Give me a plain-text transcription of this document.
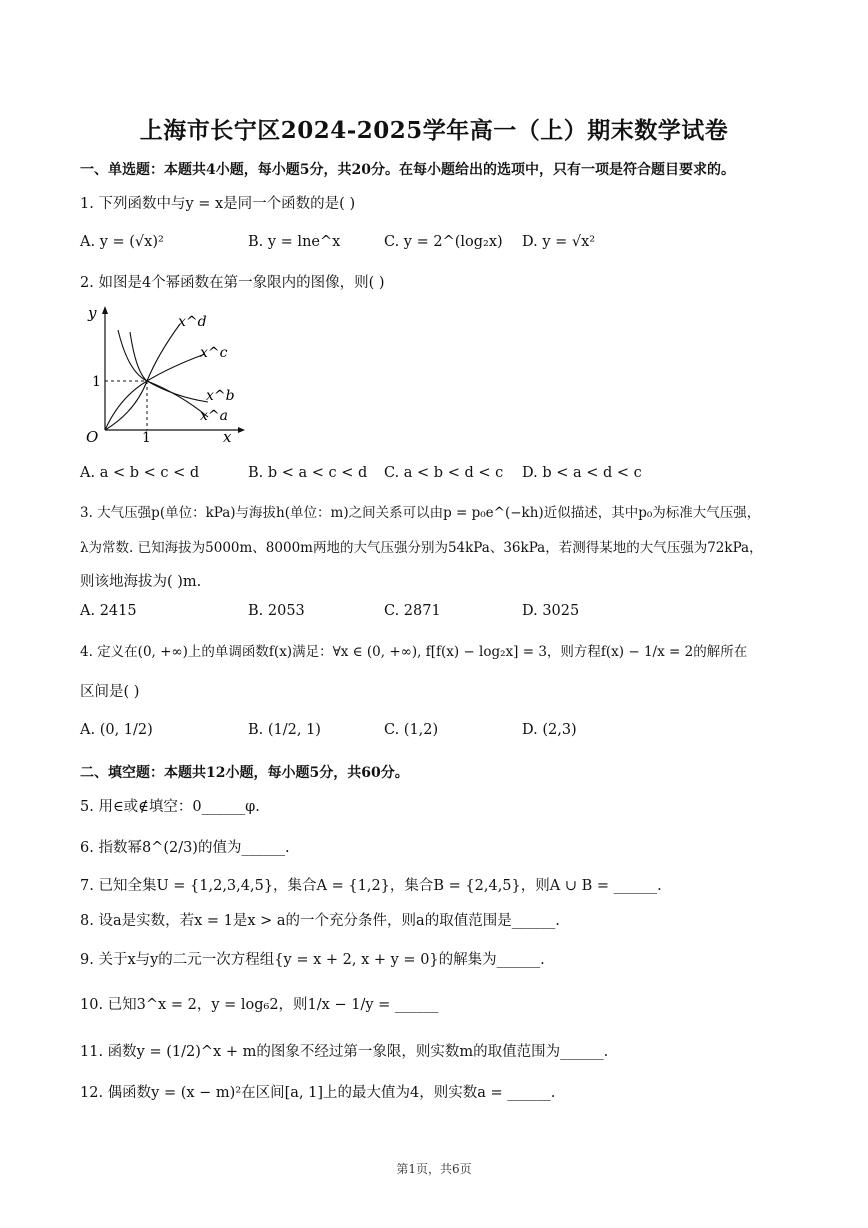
上海市长宁区2024-2025学年高一（上）期末数学试卷
一、单选题：本题共4小题，每小题5分，共20分。在每小题给出的选项中，只有一项是符合题目要求的。
1. 下列函数中与y = x是同一个函数的是( )
A. y = (√x)²	B. y = lne^x	C. y = 2^(log₂x) D. y = √x²
2. 如图是4个幂函数在第一象限内的图像，则( )
y
x
O	1
1
x^d
x^c
x^b
x^a
A. a < b < c < d	B. b < a < c < d C. a < b < d < c D. b < a < d < c
3. 大气压强p(单位：kPa)与海拔h(单位：m)之间关系可以由p = p₀e^(−kh)近似描述，其中p₀为标准大气压强，
λ为常数. 已知海拔为5000m、8000m两地的大气压强分别为54kPa、36kPa，若测得某地的大气压强为72kPa，
则该地海拔为( )m.
A. 2415	B. 2053	C. 2871	D. 3025
4. 定义在(0, +∞)上的单调函数f(x)满足：∀x ∈ (0, +∞), f[f(x) − log₂x] = 3，则方程f(x) − 1/x = 2的解所在
区间是( )
A. (0, 1/2)	B. (1/2, 1)	C. (1,2)	D. (2,3)
二、填空题：本题共12小题，每小题5分，共60分。
5. 用∈或∉填空：0______φ.
6. 指数幂8^(2/3)的值为______.
7. 已知全集U = {1,2,3,4,5}，集合A = {1,2}，集合B = {2,4,5}，则A ∪ B = ______.
8. 设a是实数，若x = 1是x > a的一个充分条件，则a的取值范围是______.
9. 关于x与y的二元一次方程组{y = x + 2, x + y = 0}的解集为______.
10. 已知3^x = 2，y = log₆2，则1/x − 1/y = ______
11. 函数y = (1/2)^x + m的图象不经过第一象限，则实数m的取值范围为______.
12. 偶函数y = (x − m)²在区间[a, 1]上的最大值为4，则实数a = ______.
第1页，共6页
